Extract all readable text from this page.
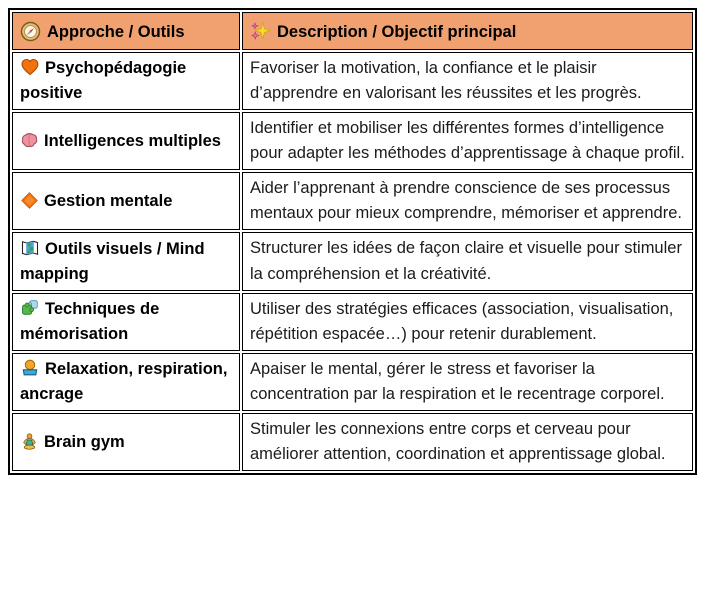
Approche / Outils	Description / Objectif principal
Psychopédagogie positive	Favoriser la motivation, la confiance et le plaisir d’apprendre en valorisant les réussites et les progrès.
Intelligences multiples	Identifier et mobiliser les différentes formes d’intelligence pour adapter les méthodes d’apprentissage à chaque profil.
Gestion mentale	Aider l’apprenant à prendre conscience de ses processus mentaux pour mieux comprendre, mémoriser et apprendre.
Outils visuels / Mind mapping	Structurer les idées de façon claire et visuelle pour stimuler la compréhension et la créativité.
Techniques de mémorisation	Utiliser des stratégies efficaces (association, visualisation, répétition espacée…) pour retenir durablement.
Relaxation, respiration, ancrage	Apaiser le mental, gérer le stress et favoriser la concentration par la respiration et le recentrage corporel.
Brain gym	Stimuler les connexions entre corps et cerveau pour améliorer attention, coordination et apprentissage global.
